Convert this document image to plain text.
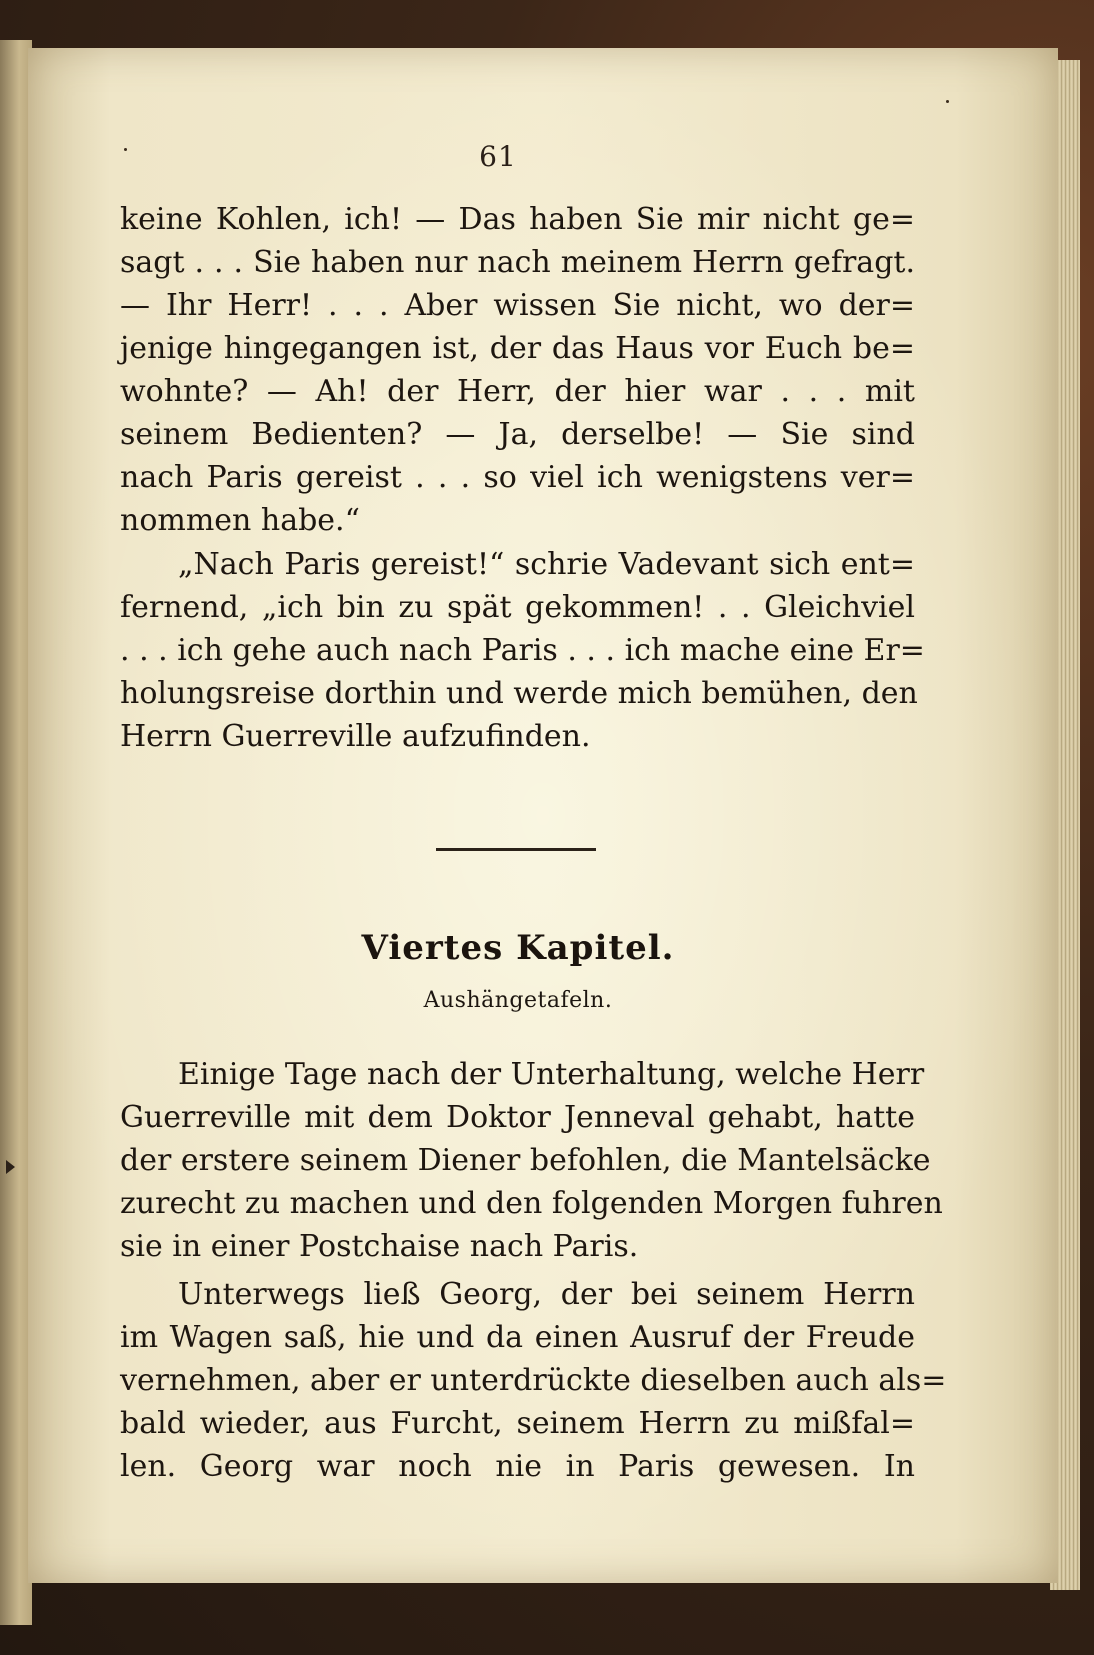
61
keine Kohlen, ich! — Das haben Sie mir nicht ge=
sagt . . . Sie haben nur nach meinem Herrn gefragt.
— Ihr Herr! . . . Aber wissen Sie nicht, wo der=
jenige hingegangen ist, der das Haus vor Euch be=
wohnte? — Ah! der Herr, der hier war . . . mit
seinem Bedienten? — Ja, derselbe! — Sie sind
nach Paris gereist . . . so viel ich wenigstens ver=
nommen habe.“
„Nach Paris gereist!“ schrie Vadevant sich ent=
fernend, „ich bin zu spät gekommen! . . Gleichviel
. . . ich gehe auch nach Paris . . . ich mache eine Er=
holungsreise dorthin und werde mich bemühen, den
Herrn Guerreville aufzufinden.
Viertes Kapitel.
Aushängetafeln.
Einige Tage nach der Unterhaltung, welche Herr
Guerreville mit dem Doktor Jenneval gehabt, hatte
der erstere seinem Diener befohlen, die Mantelsäcke
zurecht zu machen und den folgenden Morgen fuhren
sie in einer Postchaise nach Paris.
Unterwegs ließ Georg, der bei seinem Herrn
im Wagen saß, hie und da einen Ausruf der Freude
vernehmen, aber er unterdrückte dieselben auch als=
bald wieder, aus Furcht, seinem Herrn zu mißfal=
len. Georg war noch nie in Paris gewesen. In
